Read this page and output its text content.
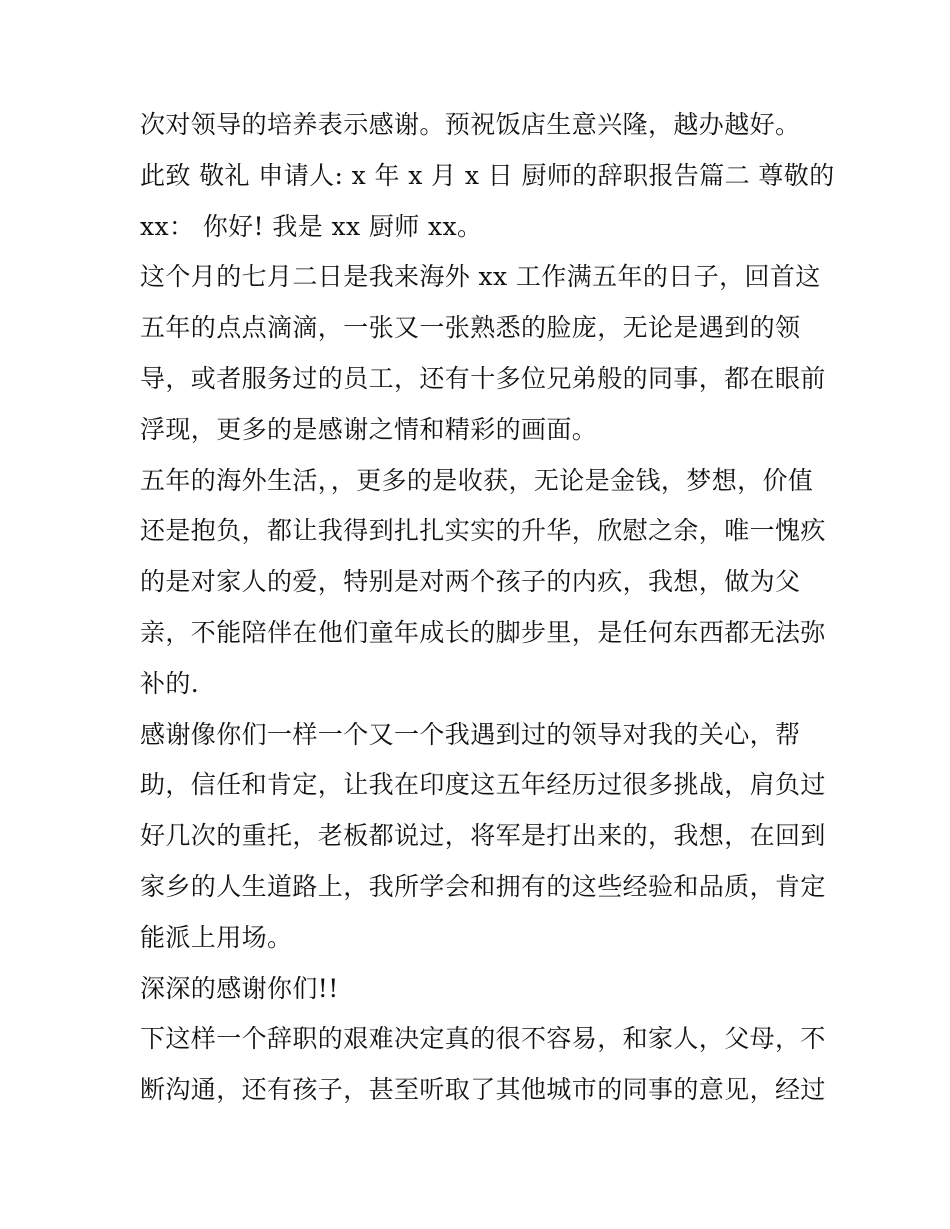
次对领导的培养表示感谢。预祝饭店生意兴隆，越办越好。

此致 敬礼 申请人: x 年 x 月 x 日 厨师的辞职报告篇二 尊敬的
xx： 你好! 我是 xx 厨师 xx。

这个月的七月二日是我来海外 xx 工作满五年的日子，回首这
五年的点点滴滴，一张又一张熟悉的脸庞，无论是遇到的领
导，或者服务过的员工，还有十多位兄弟般的同事，都在眼前
浮现，更多的是感谢之情和精彩的画面。

五年的海外生活，，更多的是收获，无论是金钱，梦想，价值
还是抱负，都让我得到扎扎实实的升华，欣慰之余，唯一愧疚
的是对家人的爱，特别是对两个孩子的内疚，我想，做为父
亲，不能陪伴在他们童年成长的脚步里，是任何东西都无法弥
补的.

感谢像你们一样一个又一个我遇到过的领导对我的关心，帮
助，信任和肯定，让我在印度这五年经历过很多挑战，肩负过
好几次的重托，老板都说过，将军是打出来的，我想，在回到
家乡的人生道路上，我所学会和拥有的这些经验和品质，肯定
能派上用场。

深深的感谢你们!!

下这样一个辞职的艰难决定真的很不容易，和家人，父母，不
断沟通，还有孩子，甚至听取了其他城市的同事的意见，经过
